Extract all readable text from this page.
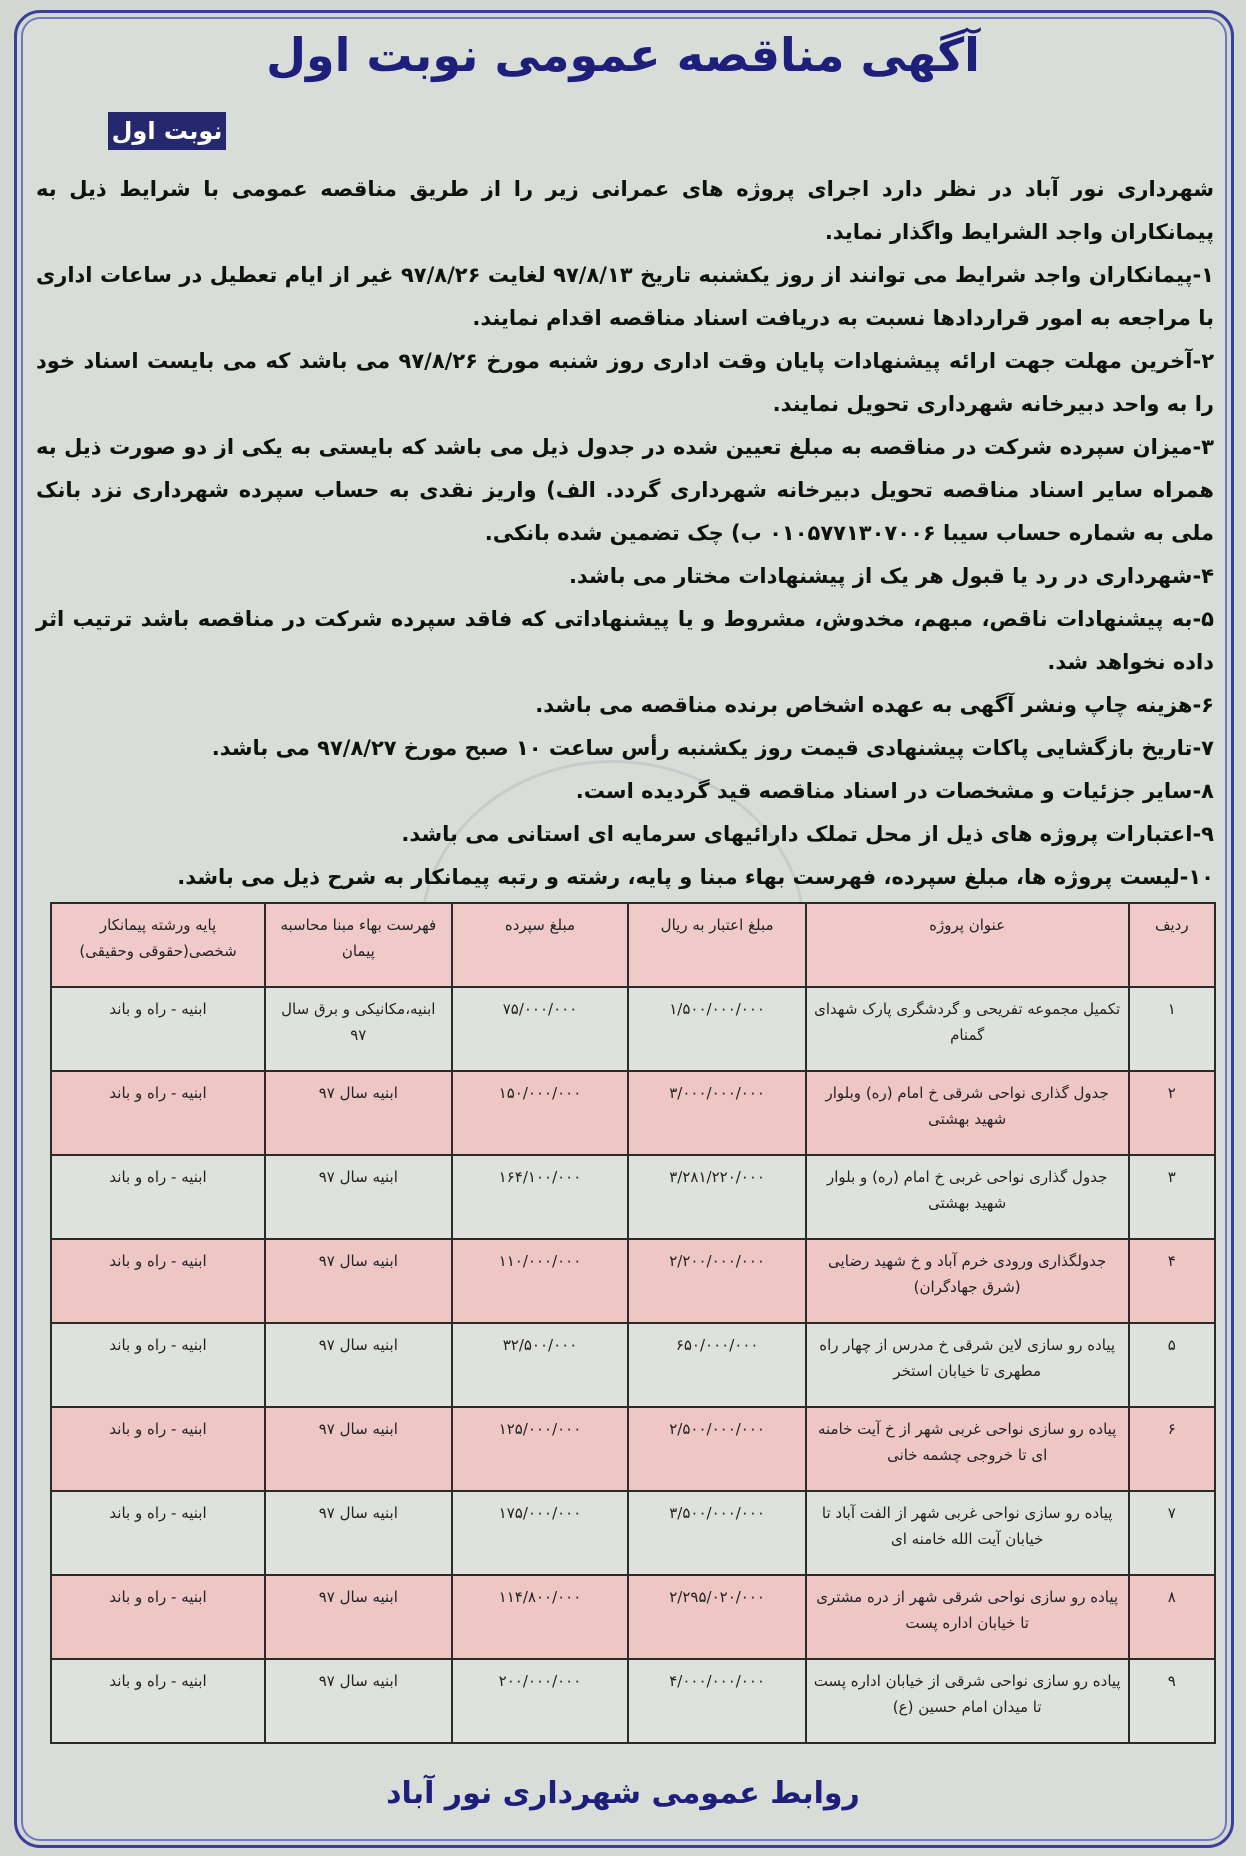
آگهی مناقصه عمومی نوبت اول
نوبت اول

شهرداری نور آباد در نظر دارد اجرای پروژه های عمرانی زیر را از طریق مناقصه عمومی با شرایط ذیل به پیمانکاران واجد الشرایط واگذار نماید.

۱-پیمانکاران واجد شرایط می توانند از روز یکشنبه تاریخ ۹۷/۸/۱۳ لغایت ۹۷/۸/۲۶ غیر از ایام تعطیل در ساعات اداری با مراجعه به امور قراردادها نسبت به دریافت اسناد مناقصه اقدام نمایند.

۲-آخرین مهلت جهت ارائه پیشنهادات پایان وقت اداری روز شنبه مورخ ۹۷/۸/۲۶ می باشد که می بایست اسناد خود را به واحد دبیرخانه شهرداری تحویل نمایند.

۳-میزان سپرده شرکت در مناقصه به مبلغ تعیین شده در جدول ذیل می باشد که بایستی به یکی از دو صورت ذیل به همراه سایر اسناد مناقصه تحویل دبیرخانه شهرداری گردد. الف) واریز نقدی به حساب سپرده شهرداری نزد بانک ملی به شماره حساب سیبا ۰۱۰۵۷۷۱۳۰۷۰۰۶ ب) چک تضمین شده بانکی.

۴-شهرداری در رد یا قبول هر یک از پیشنهادات مختار می باشد.

۵-به پیشنهادات ناقص، مبهم، مخدوش، مشروط و یا پیشنهاداتی که فاقد سپرده شرکت در مناقصه باشد ترتیب اثر داده نخواهد شد.

۶-هزینه چاپ ونشر آگهی به عهده اشخاص برنده مناقصه می باشد.

۷-تاریخ بازگشایی پاکات پیشنهادی قیمت روز یکشنبه رأس ساعت ۱۰ صبح مورخ ۹۷/۸/۲۷ می باشد.

۸-سایر جزئیات و مشخصات در اسناد مناقصه قید گردیده است.

۹-اعتبارات پروژه های ذیل از محل تملک دارائیهای سرمایه ای استانی می باشد.

۱۰-لیست پروژه ها، مبلغ سپرده، فهرست بهاء مبنا و پایه، رشته و رتبه پیمانکار به شرح ذیل می باشد.

ردیف	عنوان پروژه	مبلغ اعتبار به ریال	مبلغ سپرده	فهرست بهاء مبنا محاسبه پیمان	پایه ورشته پیمانکار شخصی(حقوقی وحقیقی)
۱	تکمیل مجموعه تفریحی و گردشگری پارک شهدای گمنام	۱/۵۰۰/۰۰۰/۰۰۰	۷۵/۰۰۰/۰۰۰	ابنیه،مکانیکی و برق سال ۹۷	ابنیه - راه و باند
۲	جدول گذاری نواحی شرقی خ امام (ره) وبلوار شهید بهشتی	۳/۰۰۰/۰۰۰/۰۰۰	۱۵۰/۰۰۰/۰۰۰	ابنیه سال ۹۷	ابنیه - راه و باند
۳	جدول گذاری نواحی غربی خ امام (ره) و بلوار شهید بهشتی	۳/۲۸۱/۲۲۰/۰۰۰	۱۶۴/۱۰۰/۰۰۰	ابنیه سال ۹۷	ابنیه - راه و باند
۴	جدولگذاری ورودی خرم آباد و خ شهید رضایی (شرق جهادگران)	۲/۲۰۰/۰۰۰/۰۰۰	۱۱۰/۰۰۰/۰۰۰	ابنیه سال ۹۷	ابنیه - راه و باند
۵	پیاده رو سازی لاین شرقی خ مدرس از چهار راه مطهری تا خیابان استخر	۶۵۰/۰۰۰/۰۰۰	۳۲/۵۰۰/۰۰۰	ابنیه سال ۹۷	ابنیه - راه و باند
۶	پیاده رو سازی نواحی غربی شهر از خ آیت خامنه ای تا خروجی چشمه خانی	۲/۵۰۰/۰۰۰/۰۰۰	۱۲۵/۰۰۰/۰۰۰	ابنیه سال ۹۷	ابنیه - راه و باند
۷	پیاده رو سازی نواحی غربی شهر از الفت آباد تا خیابان آیت الله خامنه ای	۳/۵۰۰/۰۰۰/۰۰۰	۱۷۵/۰۰۰/۰۰۰	ابنیه سال ۹۷	ابنیه - راه و باند
۸	پیاده رو سازی نواحی شرقی شهر از دره مشتری تا خیابان اداره پست	۲/۲۹۵/۰۲۰/۰۰۰	۱۱۴/۸۰۰/۰۰۰	ابنیه سال ۹۷	ابنیه - راه و باند
۹	پیاده رو سازی نواحی شرقی از خیابان اداره پست تا میدان امام حسین (ع)	۴/۰۰۰/۰۰۰/۰۰۰	۲۰۰/۰۰۰/۰۰۰	ابنیه سال ۹۷	ابنیه - راه و باند
روابط عمومی شهرداری نور آباد
